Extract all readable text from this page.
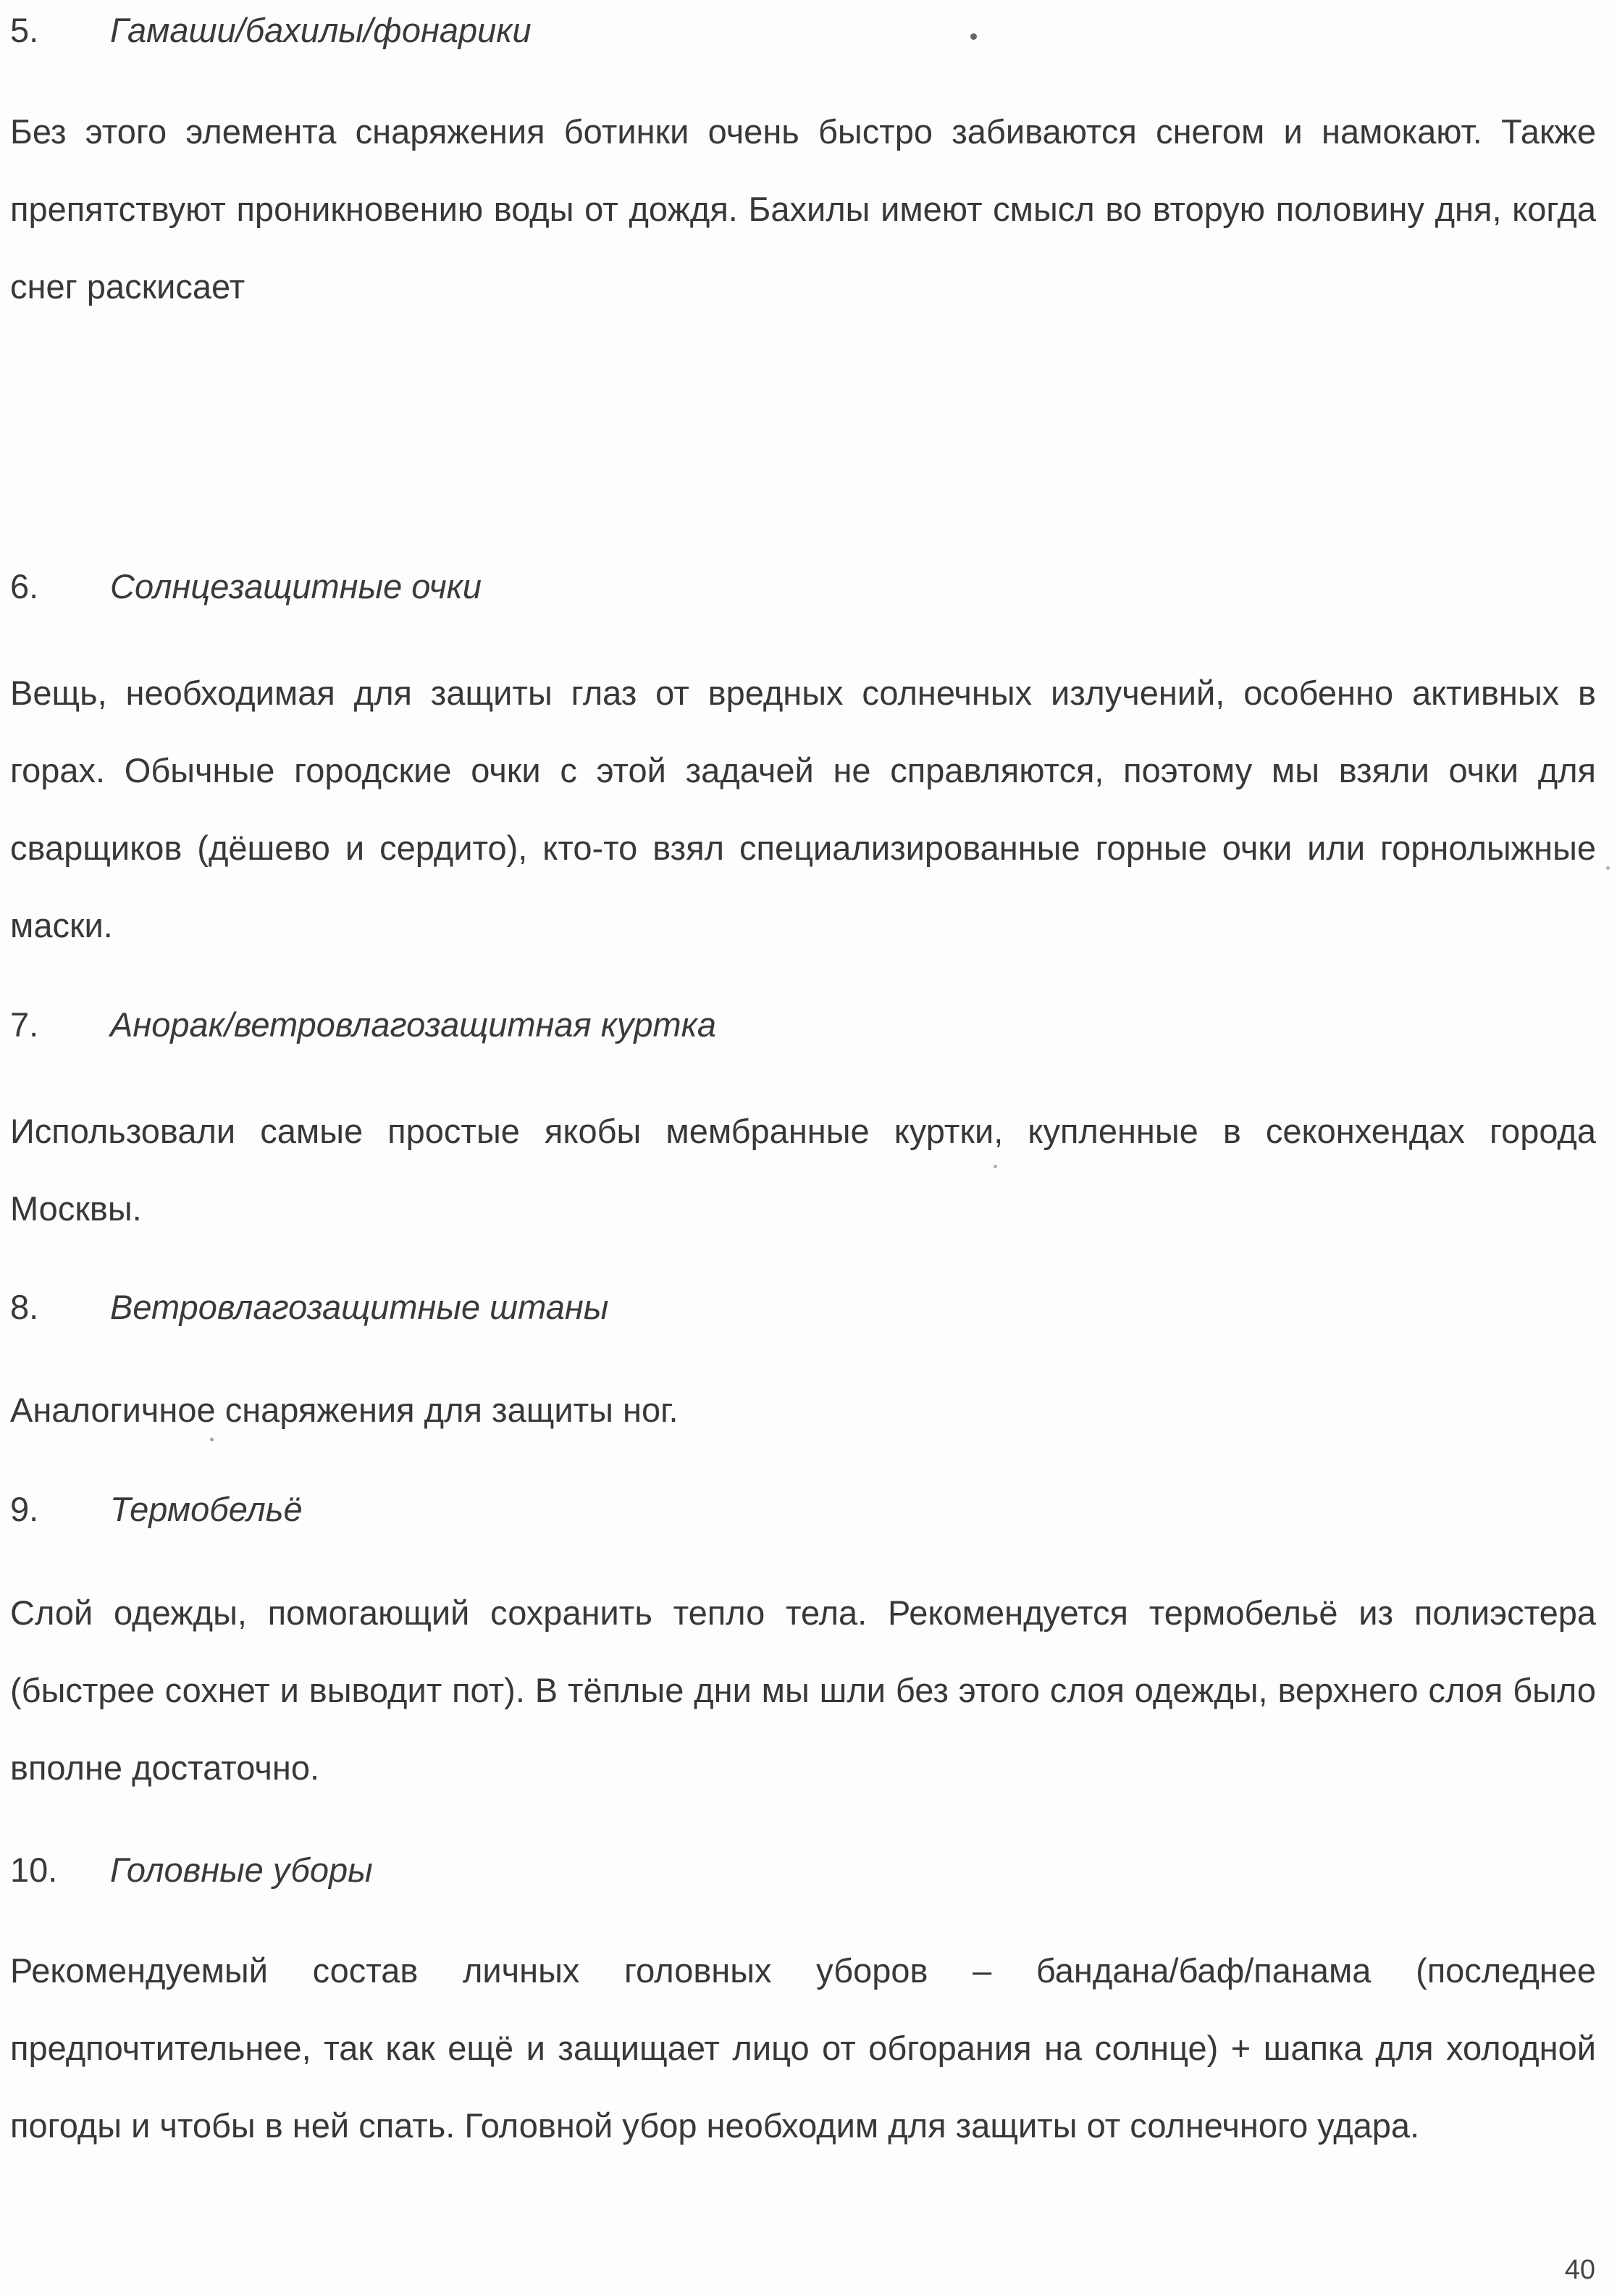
5. Гамаши/бахилы/фонарики
Без этого элемента снаряжения ботинки очень быстро забиваются снегом и намокают. Также препятствуют проникновению воды от дождя. Бахилы имеют смысл во вторую половину дня, когда снег раскисает
6. Солнцезащитные очки
Вещь, необходимая для защиты глаз от вредных солнечных излучений, особенно активных в горах. Обычные городские очки с этой задачей не справляются, поэтому мы взяли очки для сварщиков (дёшево и сердито), кто-то взял специализированные горные очки или горнолыжные маски.
7. Анорак/ветровлагозащитная куртка
Использовали самые простые якобы мембранные куртки, купленные в секонхендах города Москвы.
8. Ветровлагозащитные штаны
Аналогичное снаряжения для защиты ног.
9. Термобельё
Слой одежды, помогающий сохранить тепло тела. Рекомендуется термобельё из полиэстера (быстрее сохнет и выводит пот). В тёплые дни мы шли без этого слоя одежды, верхнего слоя было вполне достаточно.
10. Головные уборы
Рекомендуемый состав личных головных уборов – бандана/баф/панама (последнее предпочтительнее, так как ещё и защищает лицо от обгорания на солнце) + шапка для холодной погоды и чтобы в ней спать. Головной убор необходим для защиты от солнечного удара.
40
